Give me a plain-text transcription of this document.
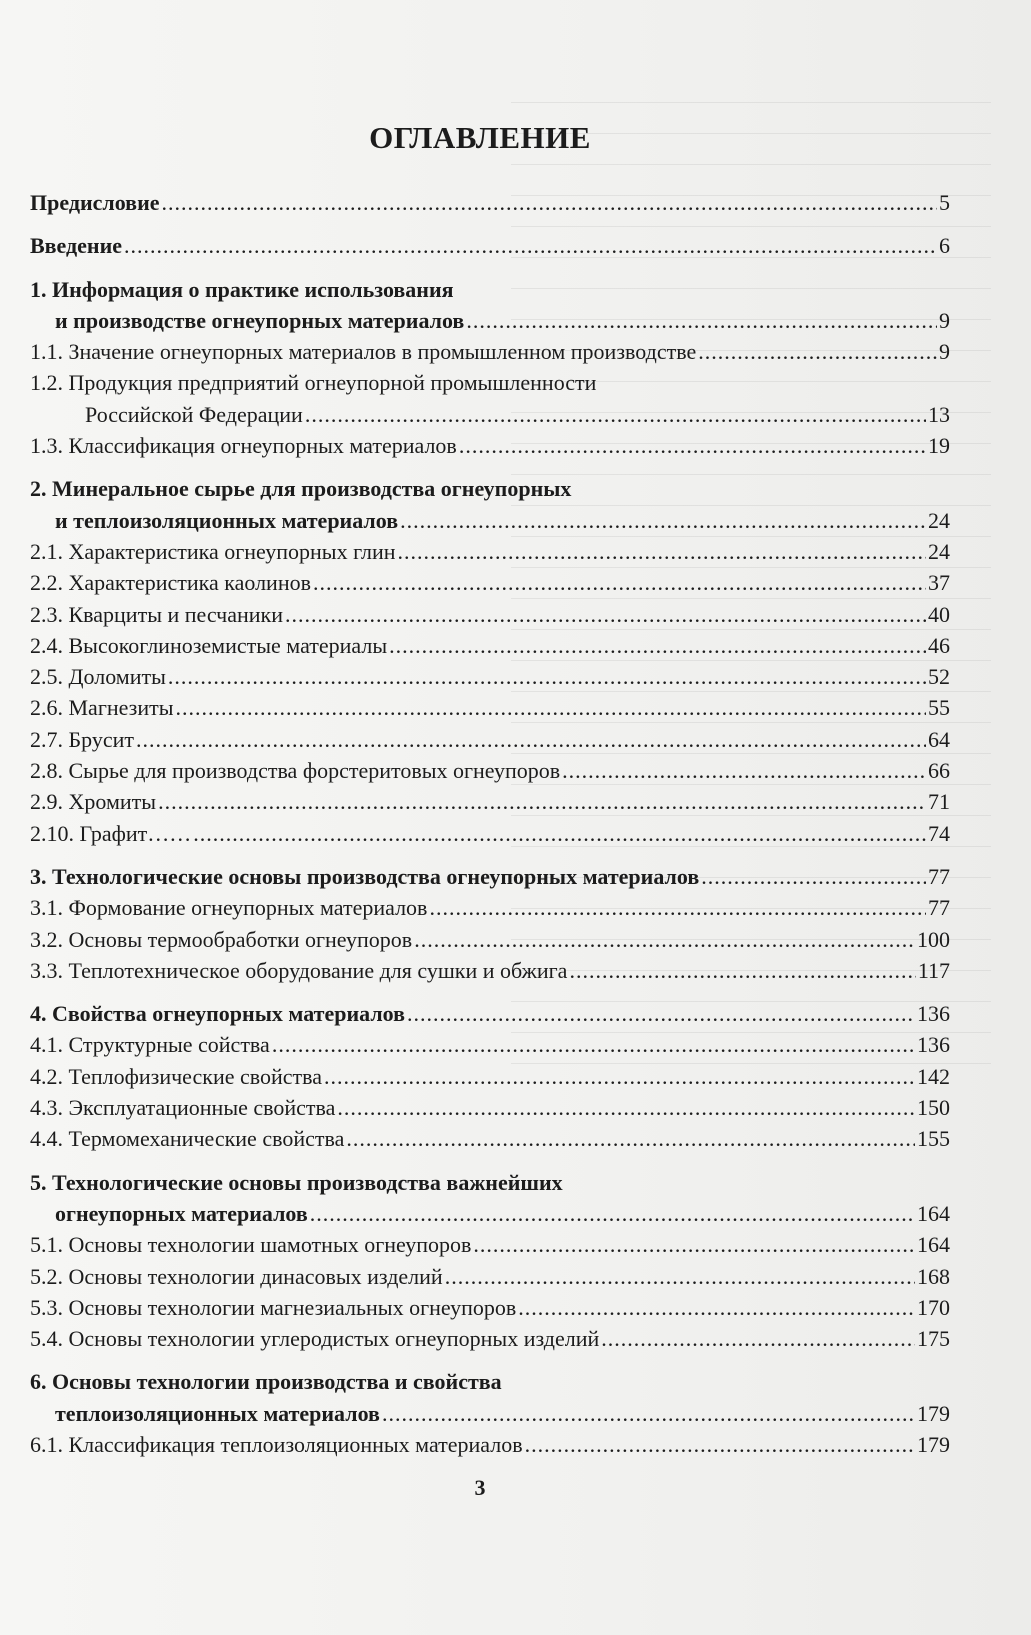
ОГЛАВЛЕНИЕ
Предисловие .....	5
Введение .....	6
1. Информация о практике использования
и производстве огнеупорных материалов .....	9
1.1. Значение огнеупорных материалов в промышленном производстве .....	9
1.2. Продукция предприятий огнеупорной промышленности
Российской Федерации .....	13
1.3. Классификация огнеупорных материалов .....	19
2. Минеральное сырье для производства огнеупорных
и теплоизоляционных материалов .....	24
2.1. Характеристика огнеупорных глин .....	24
2.2. Характеристика каолинов .....	37
2.3. Кварциты и песчаники .....	40
2.4. Высокоглиноземистые материалы .....	46
2.5. Доломиты .....	52
2.6. Магнезиты .....	55
2.7. Брусит .....	64
2.8. Сырье для производства форстеритовых огнеупоров .....	66
2.9. Хромиты .....	71
2.10. Графит…… .....	74
3. Технологические основы производства огнеупорных материалов .....	77
3.1. Формование огнеупорных материалов .....	77
3.2. Основы термообработки огнеупоров .....	100
3.3. Теплотехническое оборудование для сушки и обжига .....	117
4. Свойства огнеупорных материалов .....	136
4.1. Структурные сойства .....	136
4.2. Теплофизические свойства .....	142
4.3. Эксплуатационные свойства .....	150
4.4. Термомеханические свойства .....	155
5. Технологические основы производства важнейших
огнеупорных материалов .....	164
5.1. Основы технологии шамотных огнеупоров .....	164
5.2. Основы технологии динасовых изделий .....	168
5.3. Основы технологии магнезиальных огнеупоров .....	170
5.4. Основы технологии углеродистых огнеупорных изделий .....	175
6. Основы технологии производства и свойства
теплоизоляционных материалов .....	179
6.1. Классификация теплоизоляционных материалов .....	179
3
